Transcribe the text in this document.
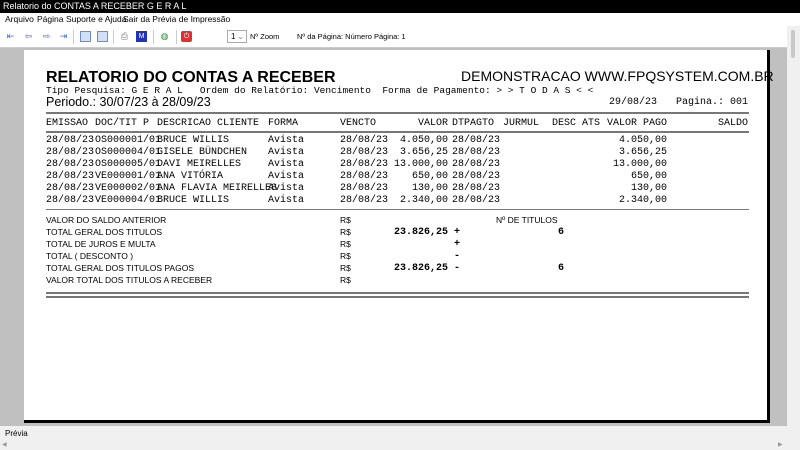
Relatorio do CONTAS A RECEBER G E R A L
Arquivo Página Suporte e Ajuda
Sair da Prévia de Impressão
⇤ ⇦ ⇨ ⇥	⎙	M ◍	⏻	1 ⌄ Nº Zoom Nº da Página: Número Página: 1
RELATORIO DO CONTAS A RECEBER	DEMONSTRACAO WWW.FPQSYSTEM.COM.BR
Tipo Pesquisa: G E R A L   Ordem do Relatório: Vencimento  Forma de Pagamento: > > T O D A S < <
Periodo.: 30/07/23 à 28/09/23	29/08/23 Pagina.: 001
EMISSAO DOC/TIT P DESCRICAO CLIENTE FORMA	VENCTO	VALOR DTPAGTO JURMUL DESC ATS VALOR PAGO	SALDO
28/08/23 OS000001/01
BRUCE WILLIS	Avista	28/08/23	4.050,00 28/08/23	4.050,00
28/08/23 OS000004/01
GISELE BÜNDCHEN Avista	28/08/23	3.656,25 28/08/23	3.656,25
28/08/23 OS000005/01
DAVI MEIRELLES	Avista	28/08/23 13.000,00 28/08/23	13.000,00
28/08/23 VE000001/01
ANA VITÓRIA	Avista	28/08/23	650,00 28/08/23	650,00
28/08/23 VE000002/01
ANA FLAVIA MEIRELLES
Avista	28/08/23	130,00 28/08/23	130,00
28/08/23 VE000004/01
BRUCE WILLIS	Avista	28/08/23	2.340,00 28/08/23	2.340,00
Nº DE TITULOS
VALOR DO SALDO ANTERIOR	R$
TOTAL GERAL DOS TITULOS	R$	23.826,25 +	6
TOTAL DE JUROS E MULTA	R$	+
TOTAL ( DESCONTO )	R$	-
TOTAL GERAL DOS TITULOS PAGOS	R$	23.826,25 -	6
VALOR TOTAL DOS TITULOS A RECEBER	R$
Prévia
◀	▶
